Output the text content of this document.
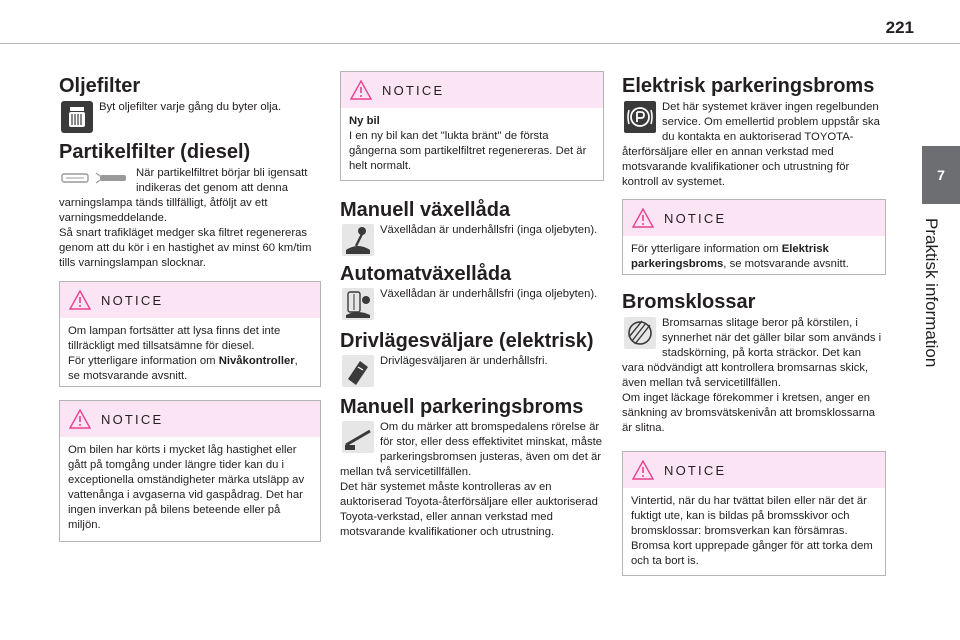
221
7
Praktisk information
Oljefilter
Byt oljefilter varje gång du byter olja.
Partikelfilter (diesel)

När partikelfiltret börjar bli igensatt indikeras det genom att denna varningslampa tänds tillfälligt, åtföljt av ett varningsmeddelande.

Så snart trafikläget medger ska filtret regenereras genom att du kör i en hastighet av minst 60 km/tim tills varningslampan slocknar.

NOTICE

Om lampan fortsätter att lysa finns det inte tillräckligt med tillsatsämne för diesel.

För ytterligare information om Nivåkontroller, se motsvarande avsnitt.

NOTICE
Om bilen har körts i mycket låg hastighet eller gått på tomgång under längre tider kan du i exceptionella omständigheter märka utsläpp av vattenånga i avgaserna vid gaspådrag. Det har ingen inverkan på bilens beteende eller på miljön.
NOTICE

Ny bil

I en ny bil kan det "lukta bränt" de första gångerna som partikelfiltret regenereras. Det är helt normalt.

Manuell växellåda
Växellådan är underhållsfri (inga oljebyten).
Automatväxellåda
Växellådan är underhållsfri (inga oljebyten).
Drivlägesväljare (elektrisk)
Drivlägesväljaren är underhållsfri.
Manuell parkeringsbroms

Om du märker att bromspedalens rörelse är för stor, eller dess effektivitet minskat, måste parkeringsbromsen justeras, även om det är mellan två servicetillfällen.

Det här systemet måste kontrolleras av en auktoriserad Toyota-återförsäljare eller auktoriserad Toyota-verkstad, eller annan verkstad med motsvarande kvalifikationer och utrustning.

Elektrisk parkeringsbroms
Det här systemet kräver ingen regelbunden service. Om emellertid problem uppstår ska du kontakta en auktoriserad TOYOTA-återförsäljare eller en annan verkstad med motsvarande kvalifikationer och utrustning för kontroll av systemet.
NOTICE

För ytterligare information om Elektrisk parkeringsbroms, se motsvarande avsnitt.

Bromsklossar

Bromsarnas slitage beror på körstilen, i synnerhet när det gäller bilar som används i stadskörning, på korta sträckor. Det kan vara nödvändigt att kontrollera bromsarnas skick, även mellan två servicetillfällen.

Om inget läckage förekommer i kretsen, anger en sänkning av bromsvätskenivån att bromsklossarna är slitna.

NOTICE
Vintertid, när du har tvättat bilen eller när det är fuktigt ute, kan is bildas på bromsskivor och bromsklossar: bromsverkan kan försämras. Bromsa kort upprepade gånger för att torka dem och ta bort is.
